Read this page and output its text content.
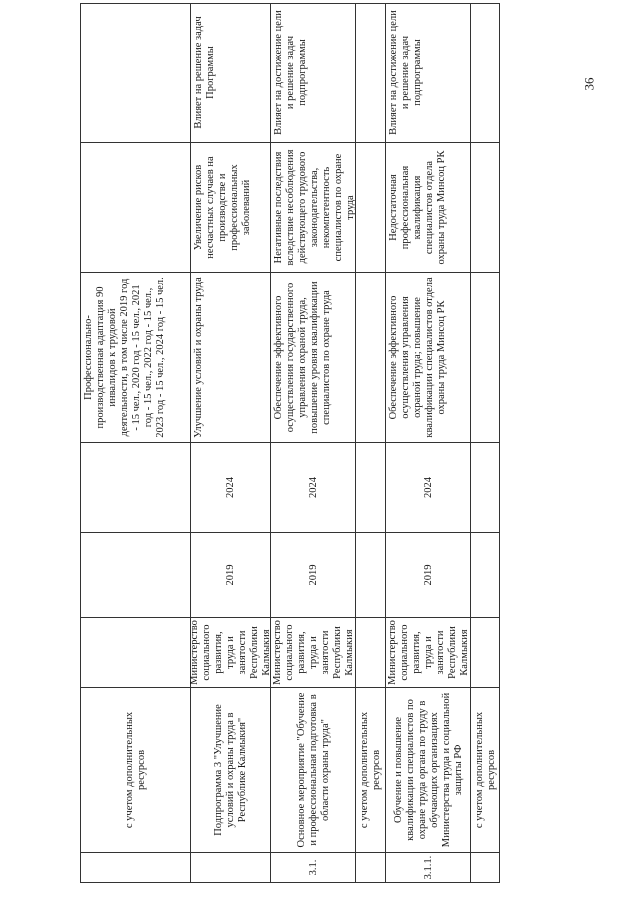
36
с учетом дополнительных ресурсов
Профессионально-производственная адаптация 90 инвалидов к трудовой деятельности, в том числе 2019 год - 15 чел., 2020 год - 15 чел., 2021 год - 15 чел., 2022 год - 15 чел., 2023 год - 15 чел., 2024 год - 15 чел.
Подпрограмма 3 "Улучшение условий и охраны труда в Республике Калмыкия"
Министерство социального развития, труда и занятости Республики Калмыкия
2019
2024
Улучшение условий и охраны труда
Увеличение рисков несчастных случаев на производстве и профессиональных заболеваний
Влияет на решение задач Программы
3.1.
Основное мероприятие "Обучение и профессиональная подготовка в области охраны труда"
Министерство социального развития, труда и занятости Республики Калмыкия
2019
2024
Обеспечение эффективного осуществления государственного управления охраной труда, повышение уровня квалификации специалистов по охране труда
Негативные последствия вследствие несоблюдения действующего трудового законодательства, некомпетентность специалистов по охране труда
Влияет на достижение цели и решение задач подпрограммы
с учетом дополнительных ресурсов
3.1.1.
Обучение и повышение квалификации специалистов по охране труда органа по труду в обучающих организациях Министерства труда и социальной защиты РФ
Министерство социального развития, труда и занятости Республики Калмыкия
2019
2024
Обеспечение эффективного осуществления управления охраной труда; повышение квалификации специалистов отдела охраны труда Минсоц РК
Недостаточная профессиональная квалификация специалистов отдела охраны труда Минсоц РК
Влияет на достижение цели и решение задач подпрограммы
с учетом дополнительных ресурсов
